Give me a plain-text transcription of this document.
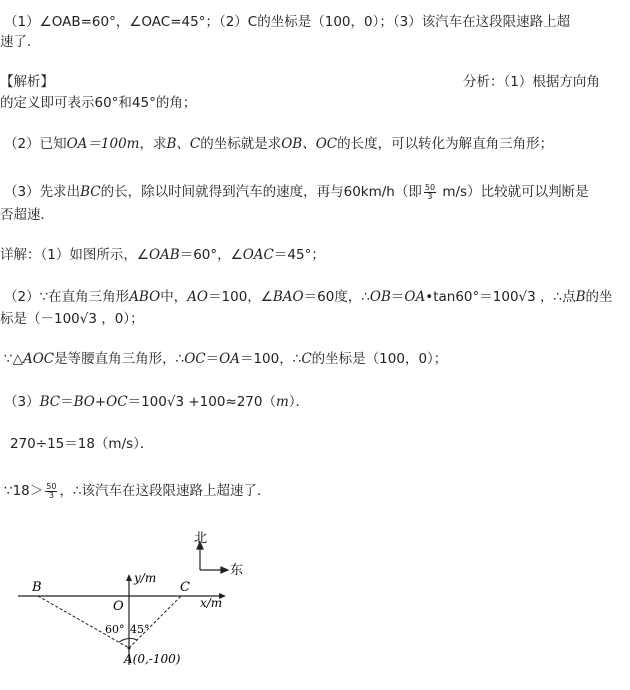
（1）∠OAB=60°，∠OAC=45°；（2）C的坐标是（100，0）；（3）该汽车在这段限速路上超
速了．
【解析】	分析：（1）根据方向角
的定义即可表示60°和45°的角；
（2）已知OA＝100m，求B、C的坐标就是求OB、OC的长度，可以转化为解直角三角形；
（3）先求出BC的长，除以时间就得到汽车的速度，再与60km/h（即 $\frac{50}{3} m/s$）比较就可以判断是
否超速．
详解：（1）如图所示，∠OAB＝60°，∠OAC＝45°；
（2）∵在直角三角形ABO中，AO＝100，∠BAO＝60度，∴OB＝OA•tan60°＝100√3 ，∴点B的坐
标是（－100√3 ，0）；
∵△AOC是等腰直角三角形，∴OC＝OA＝100，∴C的坐标是（100，0）；
（3）BC＝BO+OC＝100√3 +100≈270（m）．
270÷15＝18（m/s）．
∵18＞ $\frac{50}{3}$ ，∴该汽车在这段限速路上超速了．
北
东
y/m
x/m
B	C
O
60° 45°
A(0,-100)
